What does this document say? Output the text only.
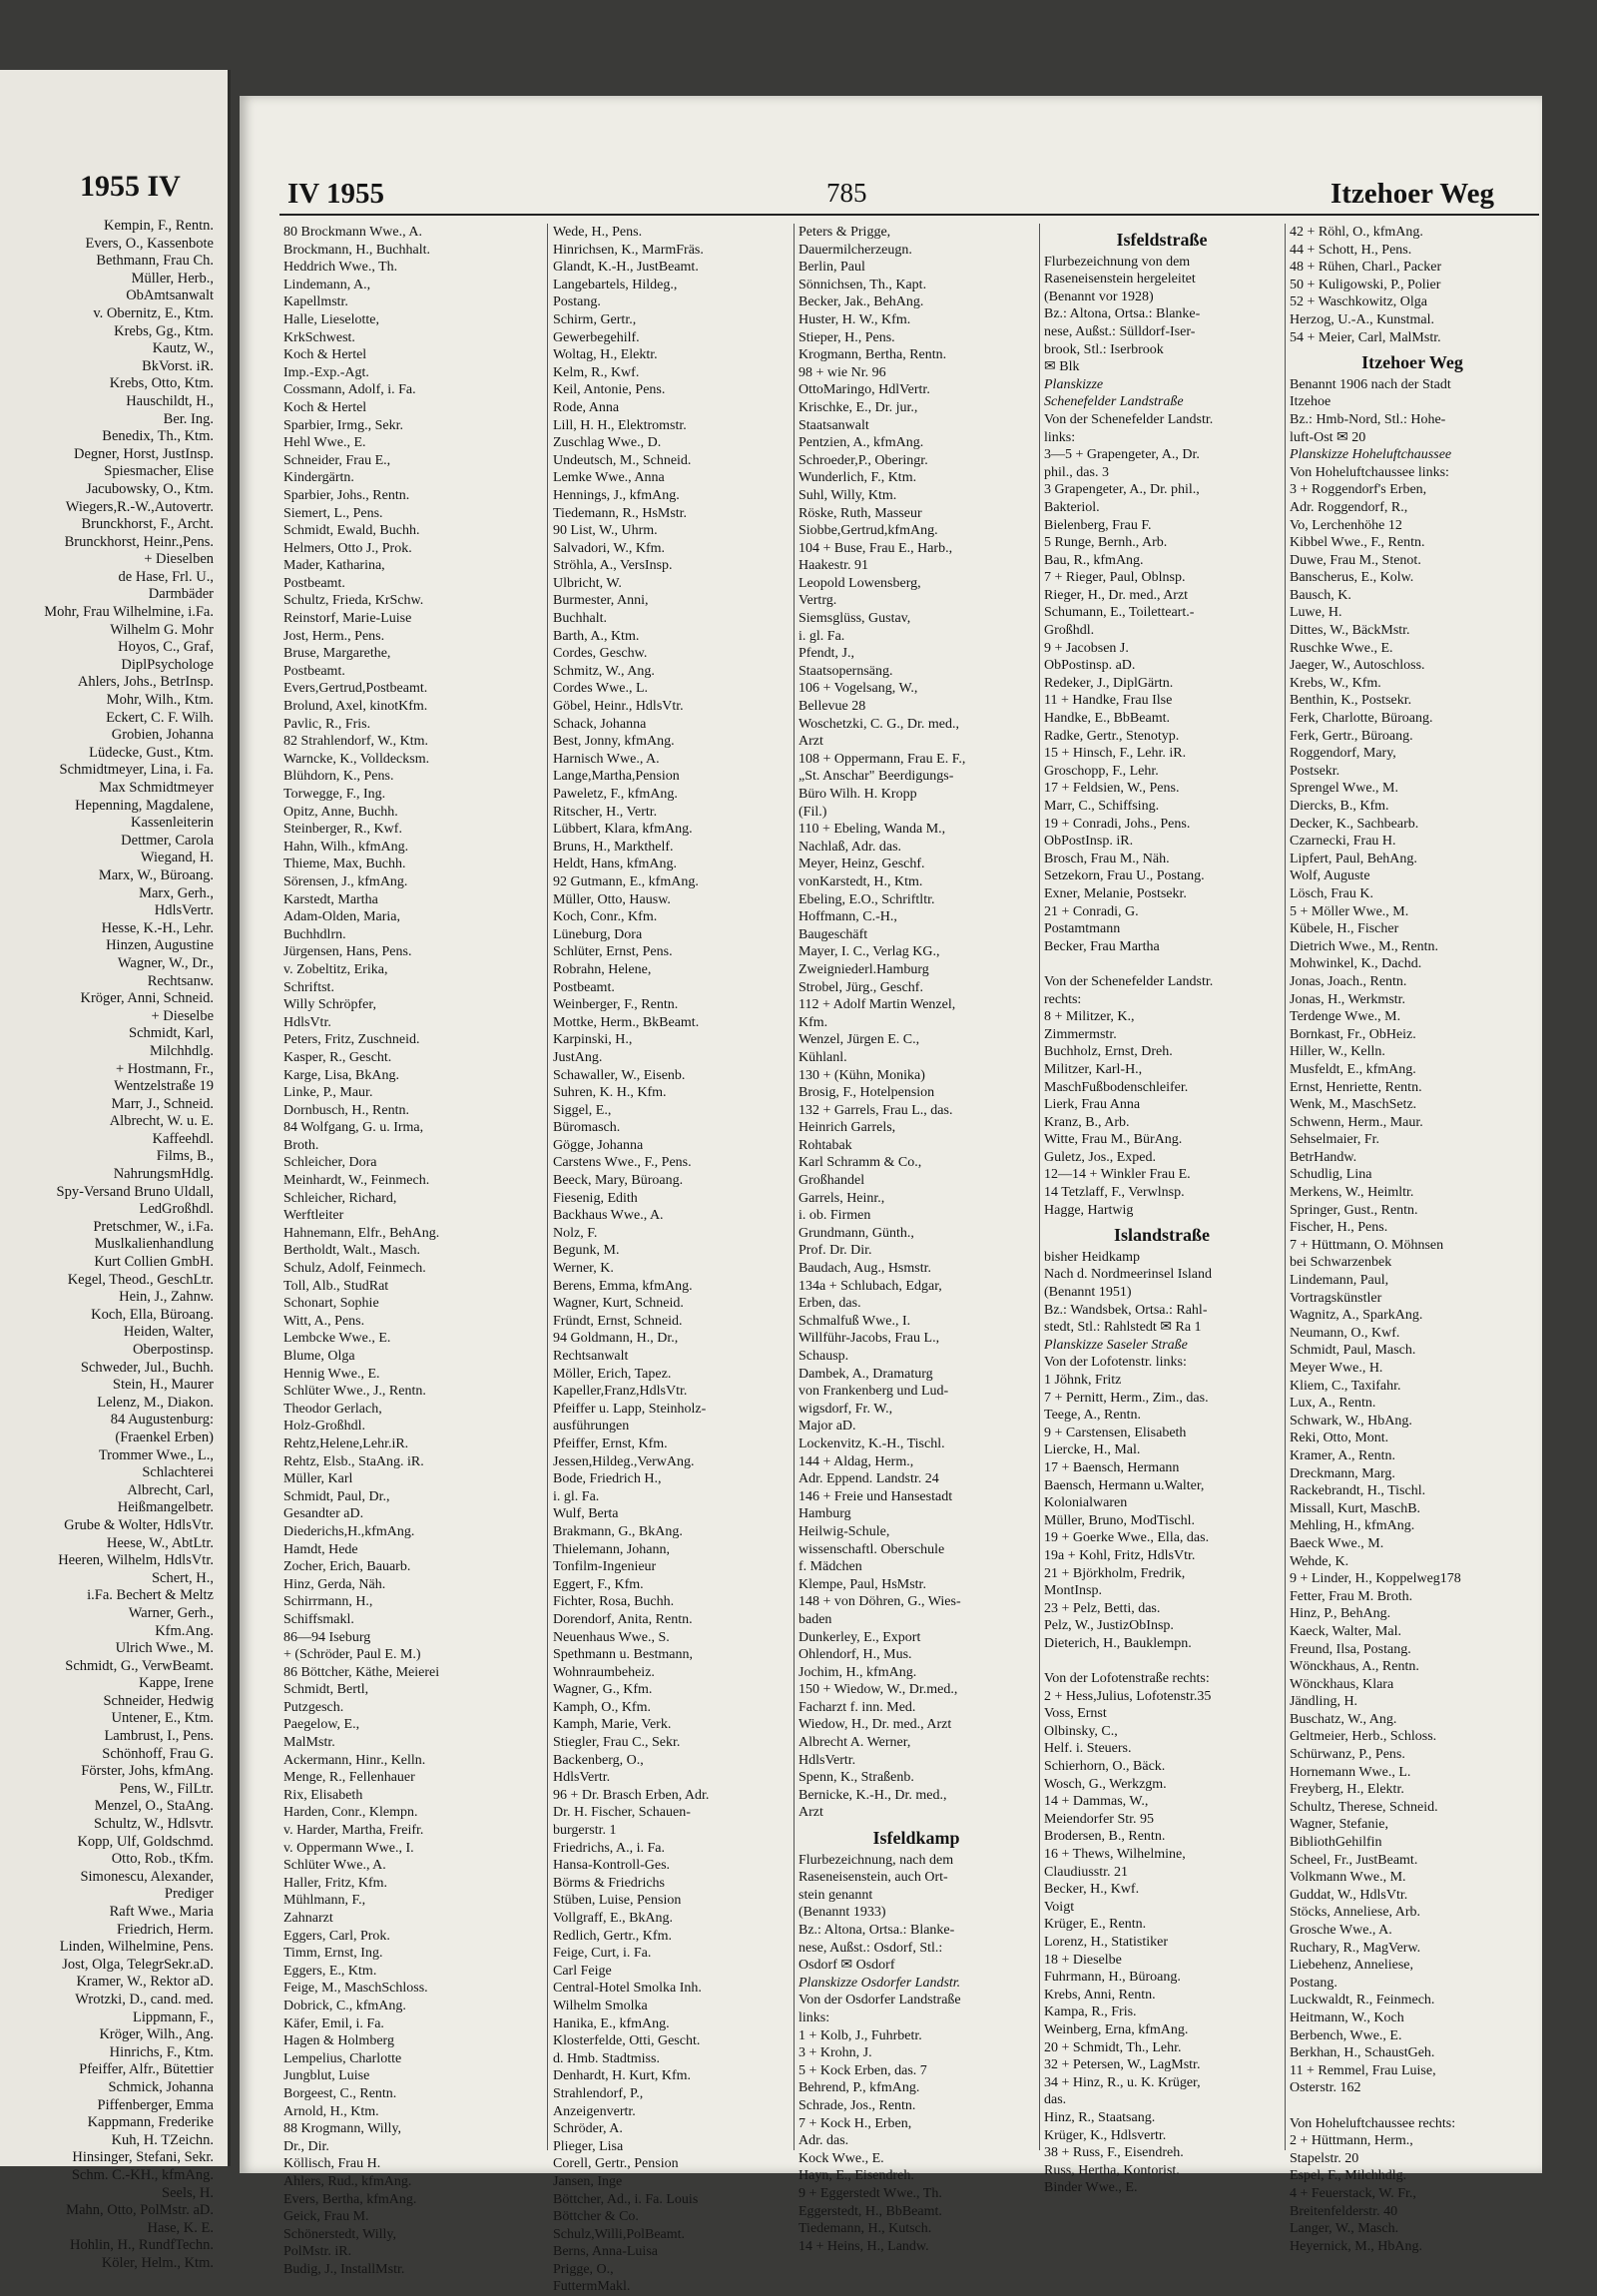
1955 IV
Kempin, F., Rentn.
Evers, O., Kassenbote
Bethmann, Frau Ch.
Müller, Herb.,
ObAmtsanwalt
v. Obernitz, E., Ktm.
Krebs, Gg., Ktm.
Kautz, W.,
BkVorst. iR.
Krebs, Otto, Ktm.
Hauschildt, H.,
Ber. Ing.
Benedix, Th., Ktm.
Degner, Horst, JustInsp.
Spiesmacher, Elise
Jacubowsky, O., Ktm.
Wiegers,R.-W.,Autovertr.
Brunckhorst, F., Archt.
Brunckhorst, Heinr.,Pens.
+ Dieselben
de Hase, Frl. U.,
Darmbäder
Mohr, Frau Wilhelmine, i.Fa.
Wilhelm G. Mohr
Hoyos, C., Graf,
DiplPsychologe
Ahlers, Johs., BetrInsp.
Mohr, Wilh., Ktm.
Eckert, C. F. Wilh.
Grobien, Johanna
Lüdecke, Gust., Ktm.
Schmidtmeyer, Lina, i. Fa.
Max Schmidtmeyer
Hepenning, Magdalene,
Kassenleiterin
Dettmer, Carola
Wiegand, H.
Marx, W., Büroang.
Marx, Gerh.,
HdlsVertr.
Hesse, K.-H., Lehr.
Hinzen, Augustine
Wagner, W., Dr.,
Rechtsanw.
Kröger, Anni, Schneid.
+ Dieselbe
Schmidt, Karl,
Milchhdlg.
+ Hostmann, Fr.,
Wentzelstraße 19
Marr, J., Schneid.
Albrecht, W. u. E.
Kaffeehdl.
Films, B.,
NahrungsmHdlg.
Spy-Versand Bruno Uldall,
LedGroßhdl.
Pretschmer, W., i.Fa.
Muslkalienhandlung
Kurt Collien GmbH.
Kegel, Theod., GeschLtr.
Hein, J., Zahnw.
Koch, Ella, Büroang.
Heiden, Walter,
Oberpostinsp.
Schweder, Jul., Buchh.
Stein, H., Maurer
Lelenz, M., Diakon.
84 Augustenburg:
(Fraenkel Erben)
Trommer Wwe., L.,
Schlachterei
Albrecht, Carl,
Heißmangelbetr.
Grube & Wolter, HdlsVtr.
Heese, W., AbtLtr.
Heeren, Wilhelm, HdlsVtr.
Schert, H.,
i.Fa. Bechert & Meltz
Warner, Gerh.,
Kfm.Ang.
Ulrich Wwe., M.
Schmidt, G., VerwBeamt.
Kappe, Irene
Schneider, Hedwig
Untener, E., Ktm.
Lambrust, I., Pens.
Schönhoff, Frau G.
Förster, Johs, kfmAng.
Pens, W., FilLtr.
Menzel, O., StaAng.
Schultz, W., Hdlsvtr.
Kopp, Ulf, Goldschmd.
Otto, Rob., tKfm.
Simonescu, Alexander,
Prediger
Raft Wwe., Maria
Friedrich, Herm.
Linden, Wilhelmine, Pens.
Jost, Olga, TelegrSekr.aD.
Kramer, W., Rektor aD.
Wrotzki, D., cand. med.
Lippmann, F.,
Kröger, Wilh., Ang.
Hinrichs, F., Ktm.
Pfeiffer, Alfr., Bütettier
Schmick, Johanna
Piffenberger, Emma
Kappmann, Frederike
Kuh, H. TZeichn.
Hinsinger, Stefani, Sekr.
Schm. C.-KH., kfmAng.
Seels, H.
Mahn, Otto, PolMstr. aD.
Hase, K. E.
Hohlin, H., RundfTechn.
Köler, Helm., Ktm.
IV 1955	785	Itzehoer Weg
80 Brockmann Wwe., A.
Brockmann, H., Buchhalt.
Heddrich Wwe., Th.
Lindemann, A.,
Kapellmstr.
Halle, Lieselotte,
KrkSchwest.
Koch & Hertel
Imp.-Exp.-Agt.
Cossmann, Adolf, i. Fa.
Koch & Hertel
Sparbier, Irmg., Sekr.
Hehl Wwe., E.
Schneider, Frau E.,
Kindergärtn.
Sparbier, Johs., Rentn.
Siemert, L., Pens.
Schmidt, Ewald, Buchh.
Helmers, Otto J., Prok.
Mader, Katharina,
Postbeamt.
Schultz, Frieda, KrSchw.
Reinstorf, Marie-Luise
Jost, Herm., Pens.
Bruse, Margarethe,
Postbeamt.
Evers,Gertrud,Postbeamt.
Brolund, Axel, kinotKfm.
Pavlic, R., Fris.
82 Strahlendorf, W., Ktm.
Warncke, K., Volldecksm.
Blühdorn, K., Pens.
Torwegge, F., Ing.
Opitz, Anne, Buchh.
Steinberger, R., Kwf.
Hahn, Wilh., kfmAng.
Thieme, Max, Buchh.
Sörensen, J., kfmAng.
Karstedt, Martha
Adam-Olden, Maria,
Buchhdlrn.
Jürgensen, Hans, Pens.
v. Zobeltitz, Erika,
Schriftst.
Willy Schröpfer,
HdlsVtr.
Peters, Fritz, Zuschneid.
Kasper, R., Gescht.
Karge, Lisa, BkAng.
Linke, P., Maur.
Dornbusch, H., Rentn.
84 Wolfgang, G. u. Irma,
Broth.
Schleicher, Dora
Meinhardt, W., Feinmech.
Schleicher, Richard,
Werftleiter
Hahnemann, Elfr., BehAng.
Bertholdt, Walt., Masch.
Schulz, Adolf, Feinmech.
Toll, Alb., StudRat
Schonart, Sophie
Witt, A., Pens.
Lembcke Wwe., E.
Blume, Olga
Hennig Wwe., E.
Schlüter Wwe., J., Rentn.
Theodor Gerlach,
Holz-Großhdl.
Rehtz,Helene,Lehr.iR.
Rehtz, Elsb., StaAng. iR.
Müller, Karl
Schmidt, Paul, Dr.,
Gesandter aD.
Diederichs,H.,kfmAng.
Hamdt, Hede
Zocher, Erich, Bauarb.
Hinz, Gerda, Näh.
Schirrmann, H.,
Schiffsmakl.
86—94 Iseburg
+ (Schröder, Paul E. M.)
86 Böttcher, Käthe, Meierei
Schmidt, Bertl,
Putzgesch.
Paegelow, E.,
MalMstr.
Ackermann, Hinr., Kelln.
Menge, R., Fellenhauer
Rix, Elisabeth
Harden, Conr., Klempn.
v. Harder, Martha, Freifr.
v. Oppermann Wwe., I.
Schlüter Wwe., A.
Haller, Fritz, Kfm.
Mühlmann, F.,
Zahnarzt
Eggers, Carl, Prok.
Timm, Ernst, Ing.
Eggers, E., Ktm.
Feige, M., MaschSchloss.
Dobrick, C., kfmAng.
Käfer, Emil, i. Fa.
Hagen & Holmberg
Lempelius, Charlotte
Jungblut, Luise
Borgeest, C., Rentn.
Arnold, H., Ktm.
88 Krogmann, Willy,
Dr., Dir.
Köllisch, Frau H.
Ahlers, Rud., kfmAng.
Evers, Bertha, kfmAng.
Geick, Frau M.
Schönerstedt, Willy,
PolMstr. iR.
Budig, J., InstallMstr.
Wede, H., Pens.
Hinrichsen, K., MarmFräs.
Glandt, K.-H., JustBeamt.
Langebartels, Hildeg.,
Postang.
Schirm, Gertr.,
Gewerbegehilf.
Woltag, H., Elektr.
Kelm, R., Kwf.
Keil, Antonie, Pens.
Rode, Anna
Lill, H. H., Elektromstr.
Zuschlag Wwe., D.
Undeutsch, M., Schneid.
Lemke Wwe., Anna
Hennings, J., kfmAng.
Tiedemann, R., HsMstr.
90 List, W., Uhrm.
Salvadori, W., Kfm.
Ströhla, A., VersInsp.
Ulbricht, W.
Burmester, Anni,
Buchhalt.
Barth, A., Ktm.
Cordes, Geschw.
Schmitz, W., Ang.
Cordes Wwe., L.
Göbel, Heinr., HdlsVtr.
Schack, Johanna
Best, Jonny, kfmAng.
Harnisch Wwe., A.
Lange,Martha,Pension
Paweletz, F., kfmAng.
Ritscher, H., Vertr.
Lübbert, Klara, kfmAng.
Bruns, H., Markthelf.
Heldt, Hans, kfmAng.
92 Gutmann, E., kfmAng.
Müller, Otto, Hausw.
Koch, Conr., Kfm.
Lüneburg, Dora
Schlüter, Ernst, Pens.
Robrahn, Helene,
Postbeamt.
Weinberger, F., Rentn.
Mottke, Herm., BkBeamt.
Karpinski, H.,
JustAng.
Schawaller, W., Eisenb.
Suhren, K. H., Kfm.
Siggel, E.,
Büromasch.
Gögge, Johanna
Carstens Wwe., F., Pens.
Beeck, Mary, Büroang.
Fiesenig, Edith
Backhaus Wwe., A.
Nolz, F.
Begunk, M.
Werner, K.
Berens, Emma, kfmAng.
Wagner, Kurt, Schneid.
Fründt, Ernst, Schneid.
94 Goldmann, H., Dr.,
Rechtsanwalt
Möller, Erich, Tapez.
Kapeller,Franz,HdlsVtr.
Pfeiffer u. Lapp, Steinholz-
ausführungen
Pfeiffer, Ernst, Kfm.
Jessen,Hildeg.,VerwAng.
Bode, Friedrich H.,
i. gl. Fa.
Wulf, Berta
Brakmann, G., BkAng.
Thielemann, Johann,
Tonfilm-Ingenieur
Eggert, F., Kfm.
Fichter, Rosa, Buchh.
Dorendorf, Anita, Rentn.
Neuenhaus Wwe., S.
Spethmann u. Bestmann,
Wohnraumbeheiz.
Wagner, G., Kfm.
Kamph, O., Kfm.
Kamph, Marie, Verk.
Stiegler, Frau C., Sekr.
Backenberg, O.,
HdlsVertr.
96 + Dr. Brasch Erben, Adr.
Dr. H. Fischer, Schauen-
burgerstr. 1
Friedrichs, A., i. Fa.
Hansa-Kontroll-Ges.
Börms & Friedrichs
Stüben, Luise, Pension
Vollgraff, E., BkAng.
Redlich, Gertr., Kfm.
Feige, Curt, i. Fa.
Carl Feige
Central-Hotel Smolka Inh.
Wilhelm Smolka
Hanika, E., kfmAng.
Klosterfelde, Otti, Gescht.
d. Hmb. Stadtmiss.
Denhardt, H. Kurt, Kfm.
Strahlendorf, P.,
Anzeigenvertr.
Schröder, A.
Plieger, Lisa
Corell, Gertr., Pension
Jansen, Inge
Böttcher, Ad., i. Fa. Louis
Böttcher & Co.
Schulz,Willi,PolBeamt.
Berns, Anna-Luisa
Prigge, O.,
FuttermMakl.
Peters & Prigge,
Dauermilcherzeugn.
Berlin, Paul
Sönnichsen, Th., Kapt.
Becker, Jak., BehAng.
Huster, H. W., Kfm.
Stieper, H., Pens.
Krogmann, Bertha, Rentn.
98 + wie Nr. 96
OttoMaringo, HdlVertr.
Krischke, E., Dr. jur.,
Staatsanwalt
Pentzien, A., kfmAng.
Schroeder,P., Oberingr.
Wunderlich, F., Ktm.
Suhl, Willy, Ktm.
Röske, Ruth, Masseur
Siobbe,Gertrud,kfmAng.
104 + Buse, Frau E., Harb.,
Haakestr. 91
Leopold Lowensberg,
Vertrg.
Siemsglüss, Gustav,
i. gl. Fa.
Pfendt, J.,
Staatsopernsäng.
106 + Vogelsang, W.,
Bellevue 28
Woschetzki, C. G., Dr. med.,
Arzt
108 + Oppermann, Frau E. F.,
„St. Anschar" Beerdigungs-
Büro Wilh. H. Kropp
(Fil.)
110 + Ebeling, Wanda M.,
Nachlaß, Adr. das.
Meyer, Heinz, Geschf.
vonKarstedt, H., Ktm.
Ebeling, E.O., Schriftltr.
Hoffmann, C.-H.,
Baugeschäft
Mayer, I. C., Verlag KG.,
Zweigniederl.Hamburg
Strobel, Jürg., Geschf.
112 + Adolf Martin Wenzel,
Kfm.
Wenzel, Jürgen E. C.,
Kühlanl.
130 + (Kühn, Monika)
Brosig, F., Hotelpension
132 + Garrels, Frau L., das.
Heinrich Garrels,
Rohtabak
Karl Schramm & Co.,
Großhandel
Garrels, Heinr.,
i. ob. Firmen
Grundmann, Günth.,
Prof. Dr. Dir.
Baudach, Aug., Hsmstr.
134a + Schlubach, Edgar,
Erben, das.
Schmalfuß Wwe., I.
Willführ-Jacobs, Frau L.,
Schausp.
Dambek, A., Dramaturg
von Frankenberg und Lud-
wigsdorf, Fr. W.,
Major aD.
Lockenvitz, K.-H., Tischl.
144 + Aldag, Herm.,
Adr. Eppend. Landstr. 24
146 + Freie und Hansestadt
Hamburg
Heilwig-Schule,
wissenschaftl. Oberschule
f. Mädchen
Klempe, Paul, HsMstr.
148 + von Döhren, G., Wies-
baden
Dunkerley, E., Export
Ohlendorf, H., Mus.
Jochim, H., kfmAng.
150 + Wiedow, W., Dr.med.,
Facharzt f. inn. Med.
Wiedow, H., Dr. med., Arzt
Albrecht A. Werner,
HdlsVertr.
Spenn, K., Straßenb.
Bernicke, K.-H., Dr. med.,
Arzt
Isfeldkamp
Flurbezeichnung, nach dem
Raseneisenstein, auch Ort-
stein genannt
(Benannt 1933)
Bz.: Altona, Ortsa.: Blanke-
nese, Außst.: Osdorf, Stl.:
Osdorf ✉ Osdorf
Planskizze Osdorfer Landstr.
Von der Osdorfer Landstraße
links:
1 + Kolb, J., Fuhrbetr.
3 + Krohn, J.
5 + Kock Erben, das. 7
Behrend, P., kfmAng.
Schrade, Jos., Rentn.
7 + Kock H., Erben,
Adr. das.
Kock Wwe., E.
Hayn, E., Eisendreh.
9 + Eggerstedt Wwe., Th.
Eggerstedt, H., BbBeamt.
Tiedemann, H., Kutsch.
14 + Heins, H., Landw.
Isfeldstraße
Flurbezeichnung von dem
Raseneisenstein hergeleitet
(Benannt vor 1928)
Bz.: Altona, Ortsa.: Blanke-
nese, Außst.: Sülldorf-Iser-
brook, Stl.: Iserbrook
✉ Blk
Planskizze
Schenefelder Landstraße
Von der Schenefelder Landstr.
links:
3—5 + Grapengeter, A., Dr.
phil., das. 3
3 Grapengeter, A., Dr. phil.,
Bakteriol.
Bielenberg, Frau F.
5 Runge, Bernh., Arb.
Bau, R., kfmAng.
7 + Rieger, Paul, Oblnsp.
Rieger, H., Dr. med., Arzt
Schumann, E., Toiletteart.-
Großhdl.
9 + Jacobsen J.
ObPostinsp. aD.
Redeker, J., DiplGärtn.
11 + Handke, Frau Ilse
Handke, E., BbBeamt.
Radke, Gertr., Stenotyp.
15 + Hinsch, F., Lehr. iR.
Groschopp, F., Lehr.
17 + Feldsien, W., Pens.
Marr, C., Schiffsing.
19 + Conradi, Johs., Pens.
ObPostInsp. iR.
Brosch, Frau M., Näh.
Setzekorn, Frau U., Postang.
Exner, Melanie, Postsekr.
21 + Conradi, G.
Postamtmann
Becker, Frau Martha

Von der Schenefelder Landstr.
rechts:
8 + Militzer, K.,
Zimmermstr.
Buchholz, Ernst, Dreh.
Militzer, Karl-H.,
MaschFußbodenschleifer.
Lierk, Frau Anna
Kranz, B., Arb.
Witte, Frau M., BürAng.
Guletz, Jos., Exped.
12—14 + Winkler Frau E.
14 Tetzlaff, F., Verwlnsp.
Hagge, Hartwig
Islandstraße
bisher Heidkamp
Nach d. Nordmeerinsel Island
(Benannt 1951)
Bz.: Wandsbek, Ortsa.: Rahl-
stedt, Stl.: Rahlstedt ✉ Ra 1
Planskizze Saseler Straße
Von der Lofotenstr. links:
1 Jöhnk, Fritz
7 + Pernitt, Herm., Zim., das.
Teege, A., Rentn.
9 + Carstensen, Elisabeth
Liercke, H., Mal.
17 + Baensch, Hermann
Baensch, Hermann u.Walter,
Kolonialwaren
Müller, Bruno, ModTischl.
19 + Goerke Wwe., Ella, das.
19a + Kohl, Fritz, HdlsVtr.
21 + Björkholm, Fredrik,
MontInsp.
23 + Pelz, Betti, das.
Pelz, W., JustizObInsp.
Dieterich, H., Bauklempn.

Von der Lofotenstraße rechts:
2 + Hess,Julius, Lofotenstr.35
Voss, Ernst
Olbinsky, C.,
Helf. i. Steuers.
Schierhorn, O., Bäck.
Wosch, G., Werkzgm.
14 + Dammas, W.,
Meiendorfer Str. 95
Brodersen, B., Rentn.
16 + Thews, Wilhelmine,
Claudiusstr. 21
Becker, H., Kwf.
Voigt
Krüger, E., Rentn.
Lorenz, H., Statistiker
18 + Dieselbe
Fuhrmann, H., Büroang.
Krebs, Anni, Rentn.
Kampa, R., Fris.
Weinberg, Erna, kfmAng.
20 + Schmidt, Th., Lehr.
32 + Petersen, W., LagMstr.
34 + Hinz, R., u. K. Krüger,
das.
Hinz, R., Staatsang.
Krüger, K., Hdlsvertr.
38 + Russ, F., Eisendreh.
Russ, Hertha, Kontorist.
Binder Wwe., E.
42 + Röhl, O., kfmAng.
44 + Schott, H., Pens.
48 + Rühen, Charl., Packer
50 + Kuligowski, P., Polier
52 + Waschkowitz, Olga
Herzog, U.-A., Kunstmal.
54 + Meier, Carl, MalMstr.
Itzehoer Weg
Benannt 1906 nach der Stadt
Itzehoe
Bz.: Hmb-Nord, Stl.: Hohe-
luft-Ost ✉ 20
Planskizze Hoheluftchaussee
Von Hoheluftchaussee links:
3 + Roggendorf's Erben,
Adr. Roggendorf, R.,
Vo, Lerchenhöhe 12
Kibbel Wwe., F., Rentn.
Duwe, Frau M., Stenot.
Banscherus, E., Kolw.
Bausch, K.
Luwe, H.
Dittes, W., BäckMstr.
Ruschke Wwe., E.
Jaeger, W., Autoschloss.
Krebs, W., Kfm.
Benthin, K., Postsekr.
Ferk, Charlotte, Büroang.
Ferk, Gertr., Büroang.
Roggendorf, Mary,
Postsekr.
Sprengel Wwe., M.
Diercks, B., Kfm.
Decker, K., Sachbearb.
Czarnecki, Frau H.
Lipfert, Paul, BehAng.
Wolf, Auguste
Lösch, Frau K.
5 + Möller Wwe., M.
Kübele, H., Fischer
Dietrich Wwe., M., Rentn.
Mohwinkel, K., Dachd.
Jonas, Joach., Rentn.
Jonas, H., Werkmstr.
Terdenge Wwe., M.
Bornkast, Fr., ObHeiz.
Hiller, W., Kelln.
Musfeldt, E., kfmAng.
Ernst, Henriette, Rentn.
Wenk, M., MaschSetz.
Schwenn, Herm., Maur.
Sehselmaier, Fr.
BetrHandw.
Schudlig, Lina
Merkens, W., Heimltr.
Springer, Gust., Rentn.
Fischer, H., Pens.
7 + Hüttmann, O. Möhnsen
bei Schwarzenbek
Lindemann, Paul,
Vortragskünstler
Wagnitz, A., SparkAng.
Neumann, O., Kwf.
Schmidt, Paul, Masch.
Meyer Wwe., H.
Kliem, C., Taxifahr.
Lux, A., Rentn.
Schwark, W., HbAng.
Reki, Otto, Mont.
Kramer, A., Rentn.
Dreckmann, Marg.
Rackebrandt, H., Tischl.
Missall, Kurt, MaschB.
Mehling, H., kfmAng.
Baeck Wwe., M.
Wehde, K.
9 + Linder, H., Koppelweg178
Fetter, Frau M. Broth.
Hinz, P., BehAng.
Kaeck, Walter, Mal.
Freund, Ilsa, Postang.
Wönckhaus, A., Rentn.
Wönckhaus, Klara
Jändling, H.
Buschatz, W., Ang.
Geltmeier, Herb., Schloss.
Schürwanz, P., Pens.
Hornemann Wwe., L.
Freyberg, H., Elektr.
Schultz, Therese, Schneid.
Wagner, Stefanie,
BibliothGehilfin
Scheel, Fr., JustBeamt.
Volkmann Wwe., M.
Guddat, W., HdlsVtr.
Stöcks, Anneliese, Arb.
Grosche Wwe., A.
Ruchary, R., MagVerw.
Liebehenz, Anneliese,
Postang.
Luckwaldt, R., Feinmech.
Heitmann, W., Koch
Berbench, Wwe., E.
Berkhan, H., SchaustGeh.
11 + Remmel, Frau Luise,
Osterstr. 162

Von Hoheluftchaussee rechts:
2 + Hüttmann, Herm.,
Stapelstr. 20
Espel, F., Milchhdlg.
4 + Feuerstack, W. Fr.,
Breitenfelderstr. 40
Langer, W., Masch.
Heyernick, M., HbAng.
